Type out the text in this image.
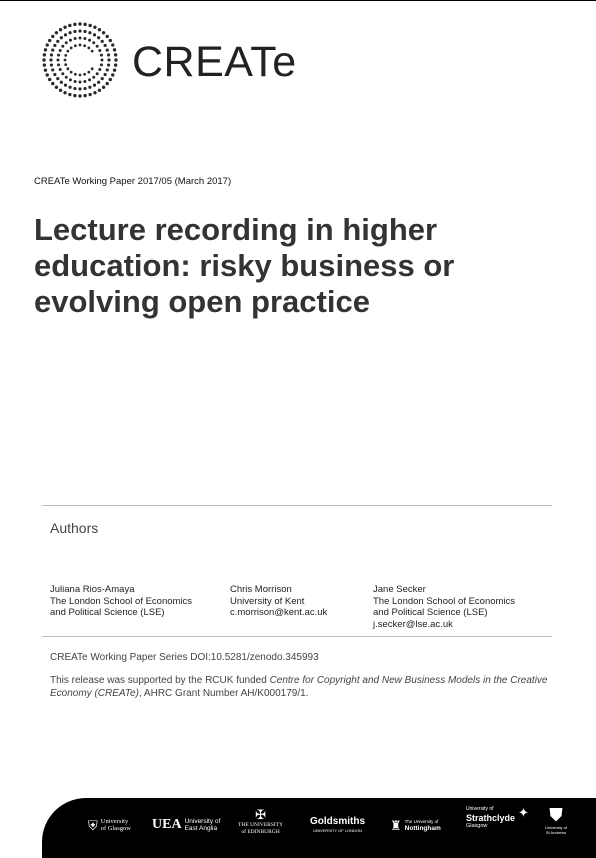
CREATe
CREATe Working Paper 2017/05 (March 2017)
Lecture recording in higher
education: risky business or
evolving open practice
Authors
Juliana Rios-Amaya
The London School of Economics
and Political Science (LSE)
Chris Morrison
University of Kent
c.morrison@kent.ac.uk
Jane Secker
The London School of Economics
and Political Science (LSE)
j.secker@lse.ac.uk
CREATe Working Paper Series DOI:10.5281/zenodo.345993
This release was supported by the RCUK funded Centre for Copyright and New Business Models in the Creative Economy (CREATe), AHRC Grant Number AH/K000179/1.
⛨ University
of Glasgow UEA University of
East Anglia
✠
THE UNIVERSITY
of EDINBURGH
Goldsmiths
UNIVERSITY OF LONDON ♜ The University of
Nottingham
University of
Strathclyde
Glasgow
✦ ⛊
University of
St Andrews
